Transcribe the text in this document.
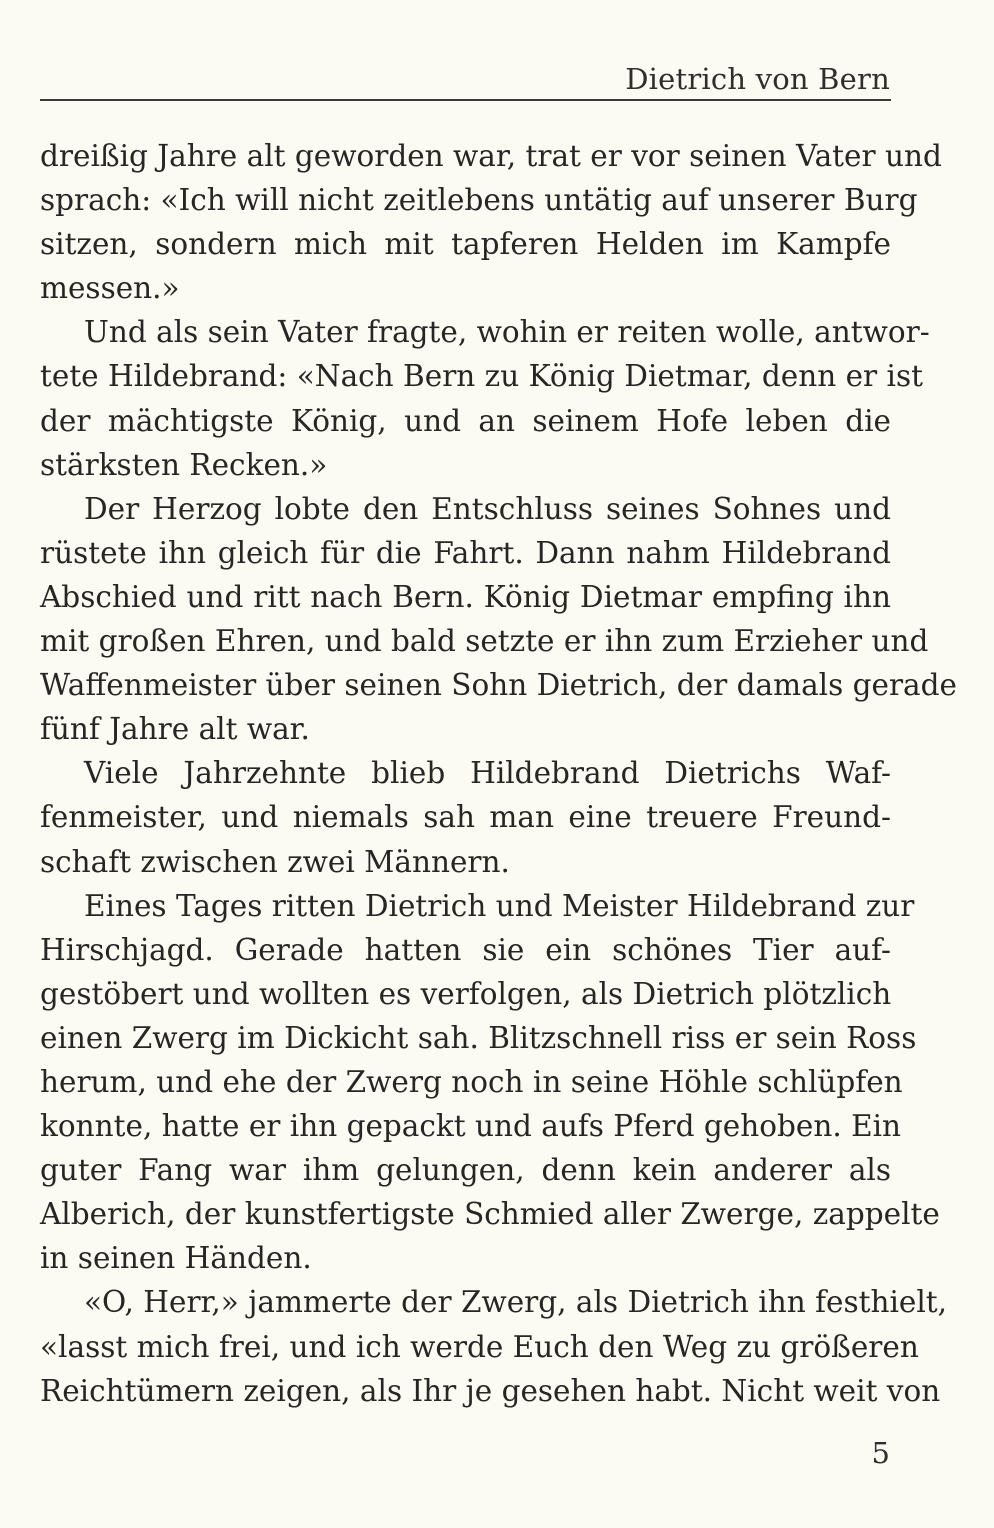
Dietrich von Bern
dreißig Jahre alt geworden war, trat er vor seinen Vater und
sprach: «Ich will nicht zeitlebens untätig auf unserer Burg
sitzen, sondern mich mit tapferen Helden im Kampfe
messen.»
Und als sein Vater fragte, wohin er reiten wolle, antwor-
tete Hildebrand: «Nach Bern zu König Dietmar, denn er ist
der mächtigste König, und an seinem Hofe leben die
stärksten Recken.»
Der Herzog lobte den Entschluss seines Sohnes und
rüstete ihn gleich für die Fahrt. Dann nahm Hildebrand
Abschied und ritt nach Bern. König Dietmar empfing ihn
mit großen Ehren, und bald setzte er ihn zum Erzieher und
Waffenmeister über seinen Sohn Dietrich, der damals gerade
fünf Jahre alt war.
Viele Jahrzehnte blieb Hildebrand Dietrichs Waf-
fenmeister, und niemals sah man eine treuere Freund-
schaft zwischen zwei Männern.
Eines Tages ritten Dietrich und Meister Hildebrand zur
Hirschjagd. Gerade hatten sie ein schönes Tier auf-
gestöbert und wollten es verfolgen, als Dietrich plötzlich
einen Zwerg im Dickicht sah. Blitzschnell riss er sein Ross
herum, und ehe der Zwerg noch in seine Höhle schlüpfen
konnte, hatte er ihn gepackt und aufs Pferd gehoben. Ein
guter Fang war ihm gelungen, denn kein anderer als
Alberich, der kunstfertigste Schmied aller Zwerge, zappelte
in seinen Händen.
«O, Herr,» jammerte der Zwerg, als Dietrich ihn festhielt,
«lasst mich frei, und ich werde Euch den Weg zu größeren
Reichtümern zeigen, als Ihr je gesehen habt. Nicht weit von
5
